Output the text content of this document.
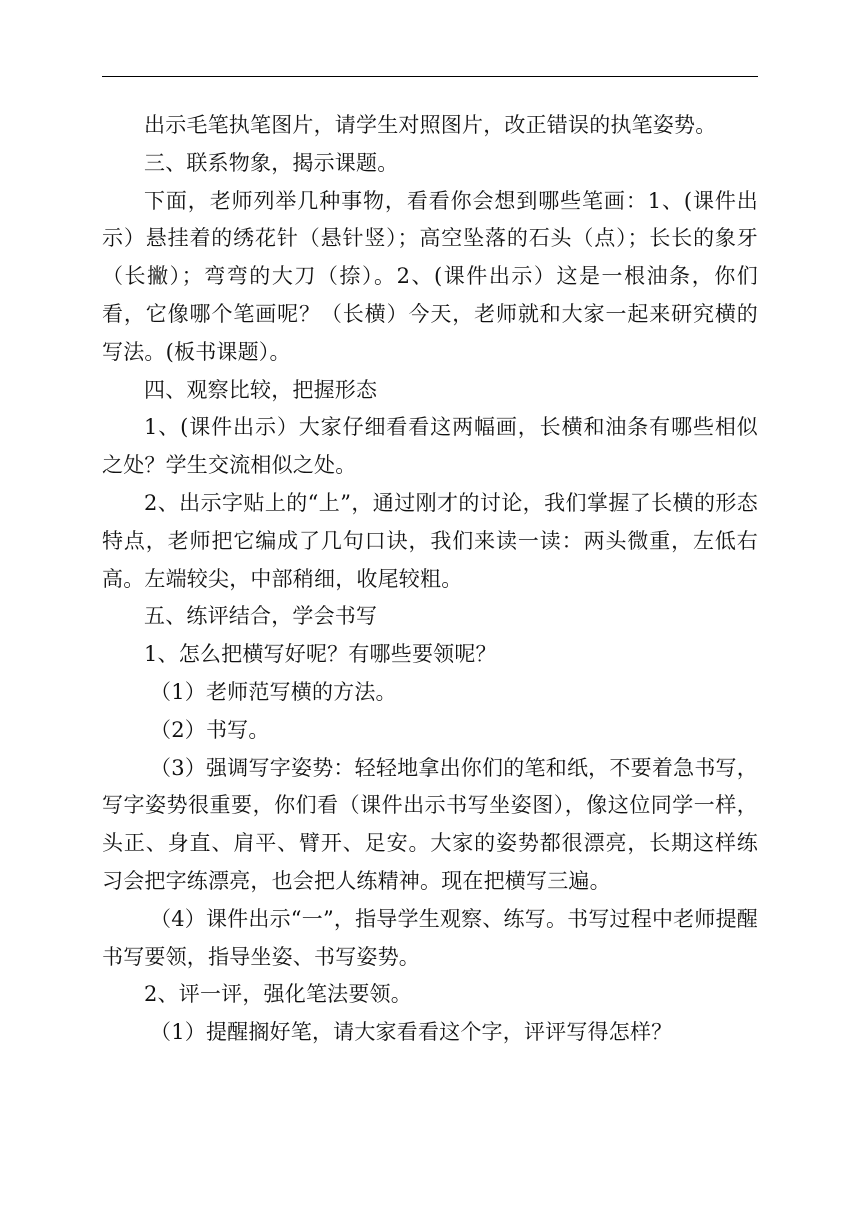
出示毛笔执笔图片，请学生对照图片，改正错误的执笔姿势。

三、联系物象，揭示课题。

下面，老师列举几种事物，看看你会想到哪些笔画：1、(课件出示）悬挂着的绣花针（悬针竖）；高空坠落的石头（点）；长长的象牙（长撇）；弯弯的大刀（捺）。2、(课件出示）这是一根油条，你们看，它像哪个笔画呢？（长横）今天，老师就和大家一起来研究横的写法。(板书课题）。

四、观察比较，把握形态

1、(课件出示）大家仔细看看这两幅画，长横和油条有哪些相似之处？学生交流相似之处。

2、出示字贴上的“上”，通过刚才的讨论，我们掌握了长横的形态特点，老师把它编成了几句口诀，我们来读一读：两头微重，左低右高。左端较尖，中部稍细，收尾较粗。

五、练评结合，学会书写

1、怎么把横写好呢？有哪些要领呢？

（1）老师范写横的方法。

（2）书写。

（3）强调写字姿势：轻轻地拿出你们的笔和纸，不要着急书写，写字姿势很重要，你们看（课件出示书写坐姿图），像这位同学一样，头正、身直、肩平、臂开、足安。大家的姿势都很漂亮，长期这样练习会把字练漂亮，也会把人练精神。现在把横写三遍。

（4）课件出示“一”，指导学生观察、练写。书写过程中老师提醒书写要领，指导坐姿、书写姿势。

2、评一评，强化笔法要领。

（1）提醒搁好笔，请大家看看这个字，评评写得怎样？
